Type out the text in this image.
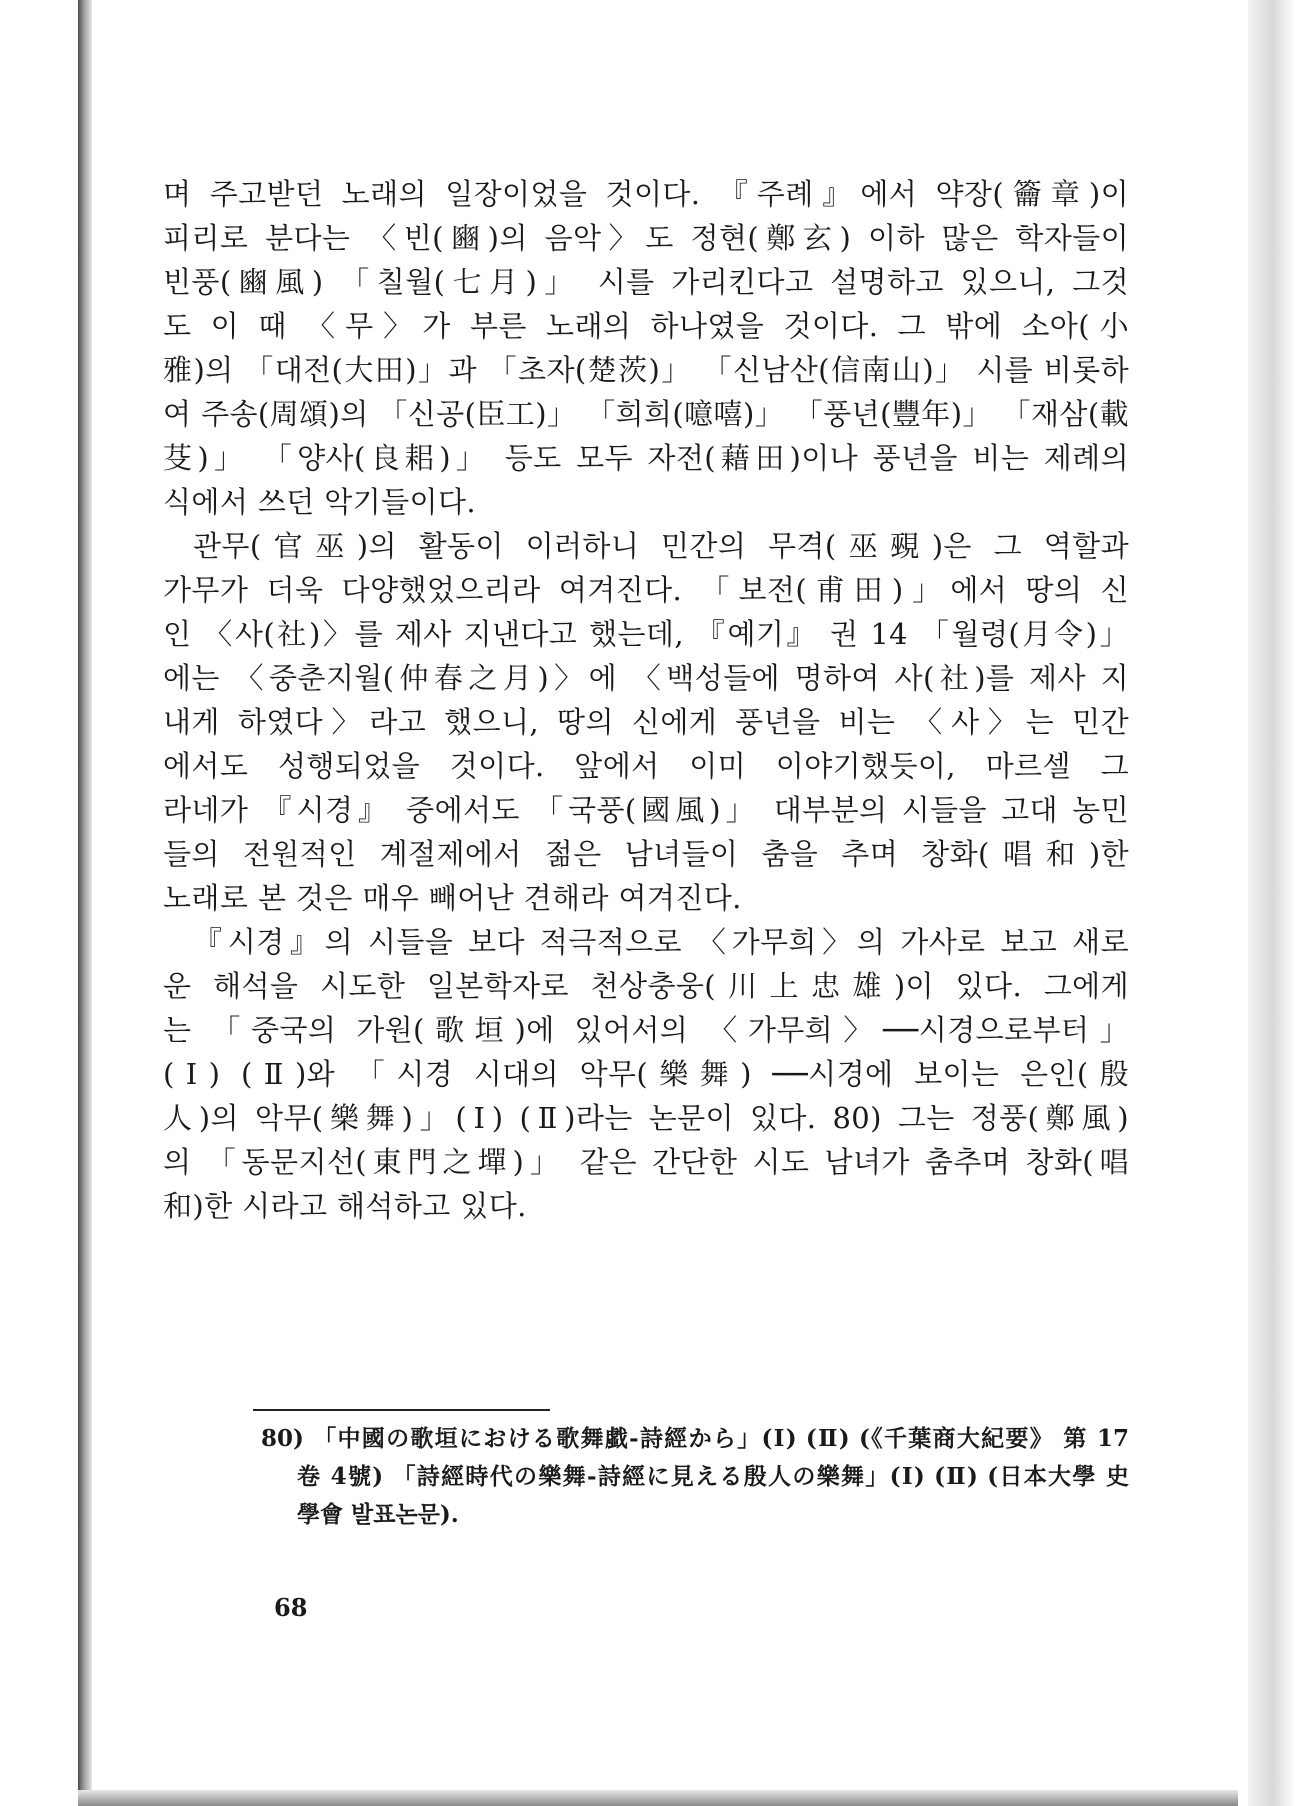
며 주고받던 노래의 일장이었을 것이다. 『주례』에서 약장(籥章)이
피리로 분다는 〈빈(豳)의 음악〉도 정현(鄭玄) 이하 많은 학자들이
빈풍(豳風) 「칠월(七月)」 시를 가리킨다고 설명하고 있으니, 그것
도 이 때 〈무〉가 부른 노래의 하나였을 것이다. 그 밖에 소아(小
雅)의 「대전(大田)」과 「초자(楚茨)」 「신남산(信南山)」 시를 비롯하
여 주송(周頌)의 「신공(臣工)」 「희희(噫嘻)」 「풍년(豐年)」 「재삼(載
芟)」 「양사(良耜)」 등도 모두 자전(藉田)이나 풍년을 비는 제례의
식에서 쓰던 악기들이다.
관무(官巫)의 활동이 이러하니 민간의 무격(巫覡)은 그 역할과
가무가 더욱 다양했었으리라 여겨진다. 「보전(甫田)」에서 땅의 신
인 〈사(社)〉를 제사 지낸다고 했는데, 『예기』 권 14 「월령(月令)」
에는 〈중춘지월(仲春之月)〉에 〈백성들에 명하여 사(社)를 제사 지
내게 하였다〉라고 했으니, 땅의 신에게 풍년을 비는 〈사〉는 민간
에서도 성행되었을 것이다. 앞에서 이미 이야기했듯이, 마르셀 그
라네가 『시경』 중에서도 「국풍(國風)」 대부분의 시들을 고대 농민
들의 전원적인 계절제에서 젊은 남녀들이 춤을 추며 창화(唱和)한
노래로 본 것은 매우 빼어난 견해라 여겨진다.
『시경』의 시들을 보다 적극적으로 〈가무희〉의 가사로 보고 새로
운 해석을 시도한 일본학자로 천상충웅(川上忠雄)이 있다. 그에게
는 「중국의 가원(歌垣)에 있어서의 〈가무희〉──시경으로부터」
(Ⅰ) (Ⅱ)와 「시경 시대의 악무(樂舞) ──시경에 보이는 은인(殷
人)의 악무(樂舞)」(Ⅰ) (Ⅱ)라는 논문이 있다. 80) 그는 정풍(鄭風)
의 「동문지선(東門之墠)」 같은 간단한 시도 남녀가 춤추며 창화(唱
和)한 시라고 해석하고 있다.
80) 「中國の歌垣における歌舞戱-詩經から」(Ⅰ) (Ⅱ) (《千葉商大紀要》 第 17
卷 4號) 「詩經時代の樂舞-詩經に見える殷人の樂舞」(Ⅰ) (Ⅱ) (日本大學 史
學會 발표논문).
68
